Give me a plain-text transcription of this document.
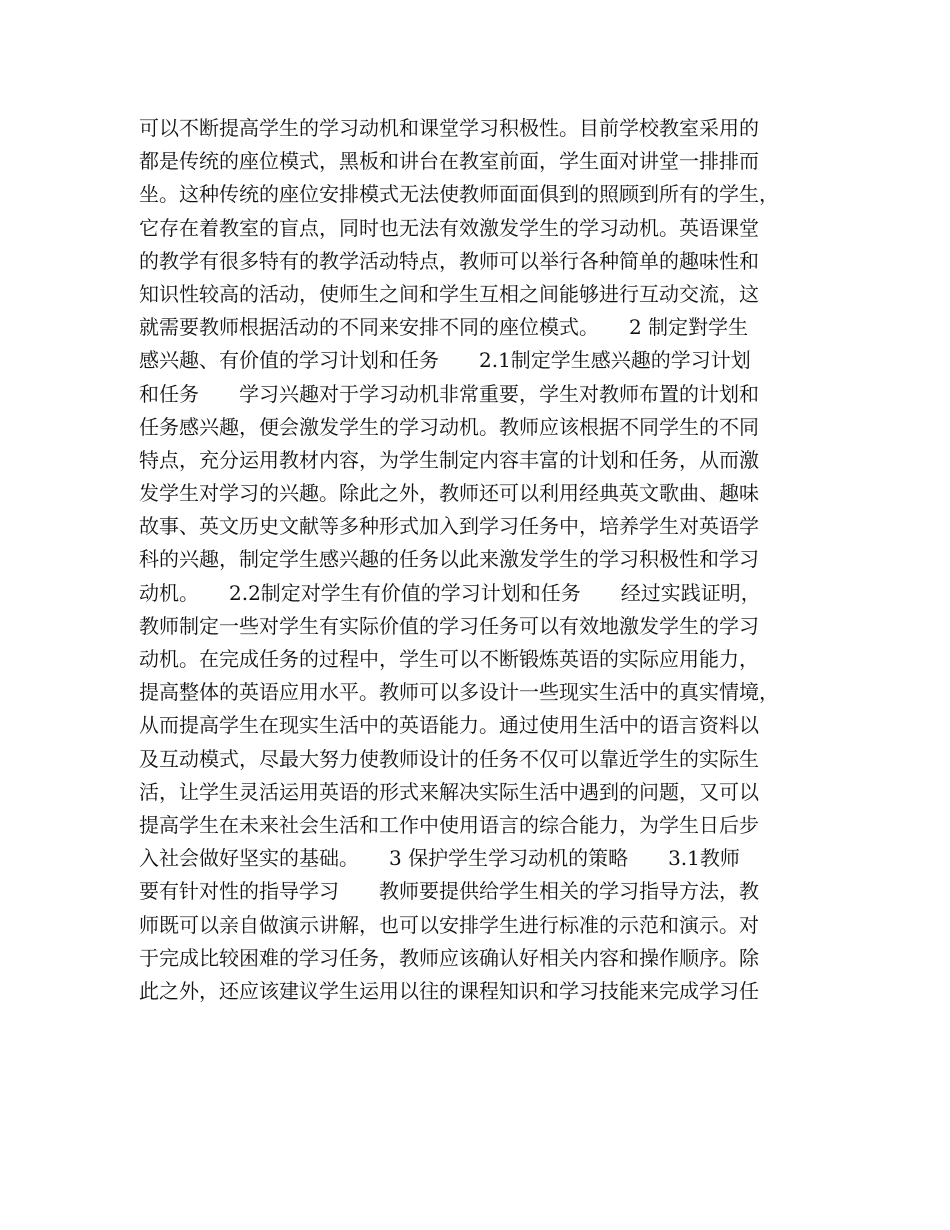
可以不断提高学生的学习动机和课堂学习积极性。目前学校教室采用的
都是传统的座位模式，黑板和讲台在教室前面，学生面对讲堂一排排而
坐。这种传统的座位安排模式无法使教师面面俱到的照顾到所有的学生，
它存在着教室的盲点，同时也无法有效激发学生的学习动机。英语课堂
的教学有很多特有的教学活动特点，教师可以举行各种简单的趣味性和
知识性较高的活动，使师生之间和学生互相之间能够进行互动交流，这
就需要教师根据活动的不同来安排不同的座位模式。　　2 制定對学生
感兴趣、有价值的学习计划和任务　　2.1制定学生感兴趣的学习计划
和任务　　学习兴趣对于学习动机非常重要，学生对教师布置的计划和
任务感兴趣，便会激发学生的学习动机。教师应该根据不同学生的不同
特点，充分运用教材内容，为学生制定内容丰富的计划和任务，从而激
发学生对学习的兴趣。除此之外，教师还可以利用经典英文歌曲、趣味
故事、英文历史文献等多种形式加入到学习任务中，培养学生对英语学
科的兴趣，制定学生感兴趣的任务以此来激发学生的学习积极性和学习
动机。　　2.2制定对学生有价值的学习计划和任务　　经过实践证明，
教师制定一些对学生有实际价值的学习任务可以有效地激发学生的学习
动机。在完成任务的过程中，学生可以不断锻炼英语的实际应用能力，
提高整体的英语应用水平。教师可以多设计一些现实生活中的真实情境，
从而提高学生在现实生活中的英语能力。通过使用生活中的语言资料以
及互动模式，尽最大努力使教师设计的任务不仅可以靠近学生的实际生
活，让学生灵活运用英语的形式来解决实际生活中遇到的问题，又可以
提高学生在未来社会生活和工作中使用语言的综合能力，为学生日后步
入社会做好坚实的基础。　　3 保护学生学习动机的策略　　3.1教师
要有针对性的指导学习　　教师要提供给学生相关的学习指导方法，教
师既可以亲自做演示讲解，也可以安排学生进行标准的示范和演示。对
于完成比较困难的学习任务，教师应该确认好相关内容和操作顺序。除
此之外，还应该建议学生运用以往的课程知识和学习技能来完成学习任
